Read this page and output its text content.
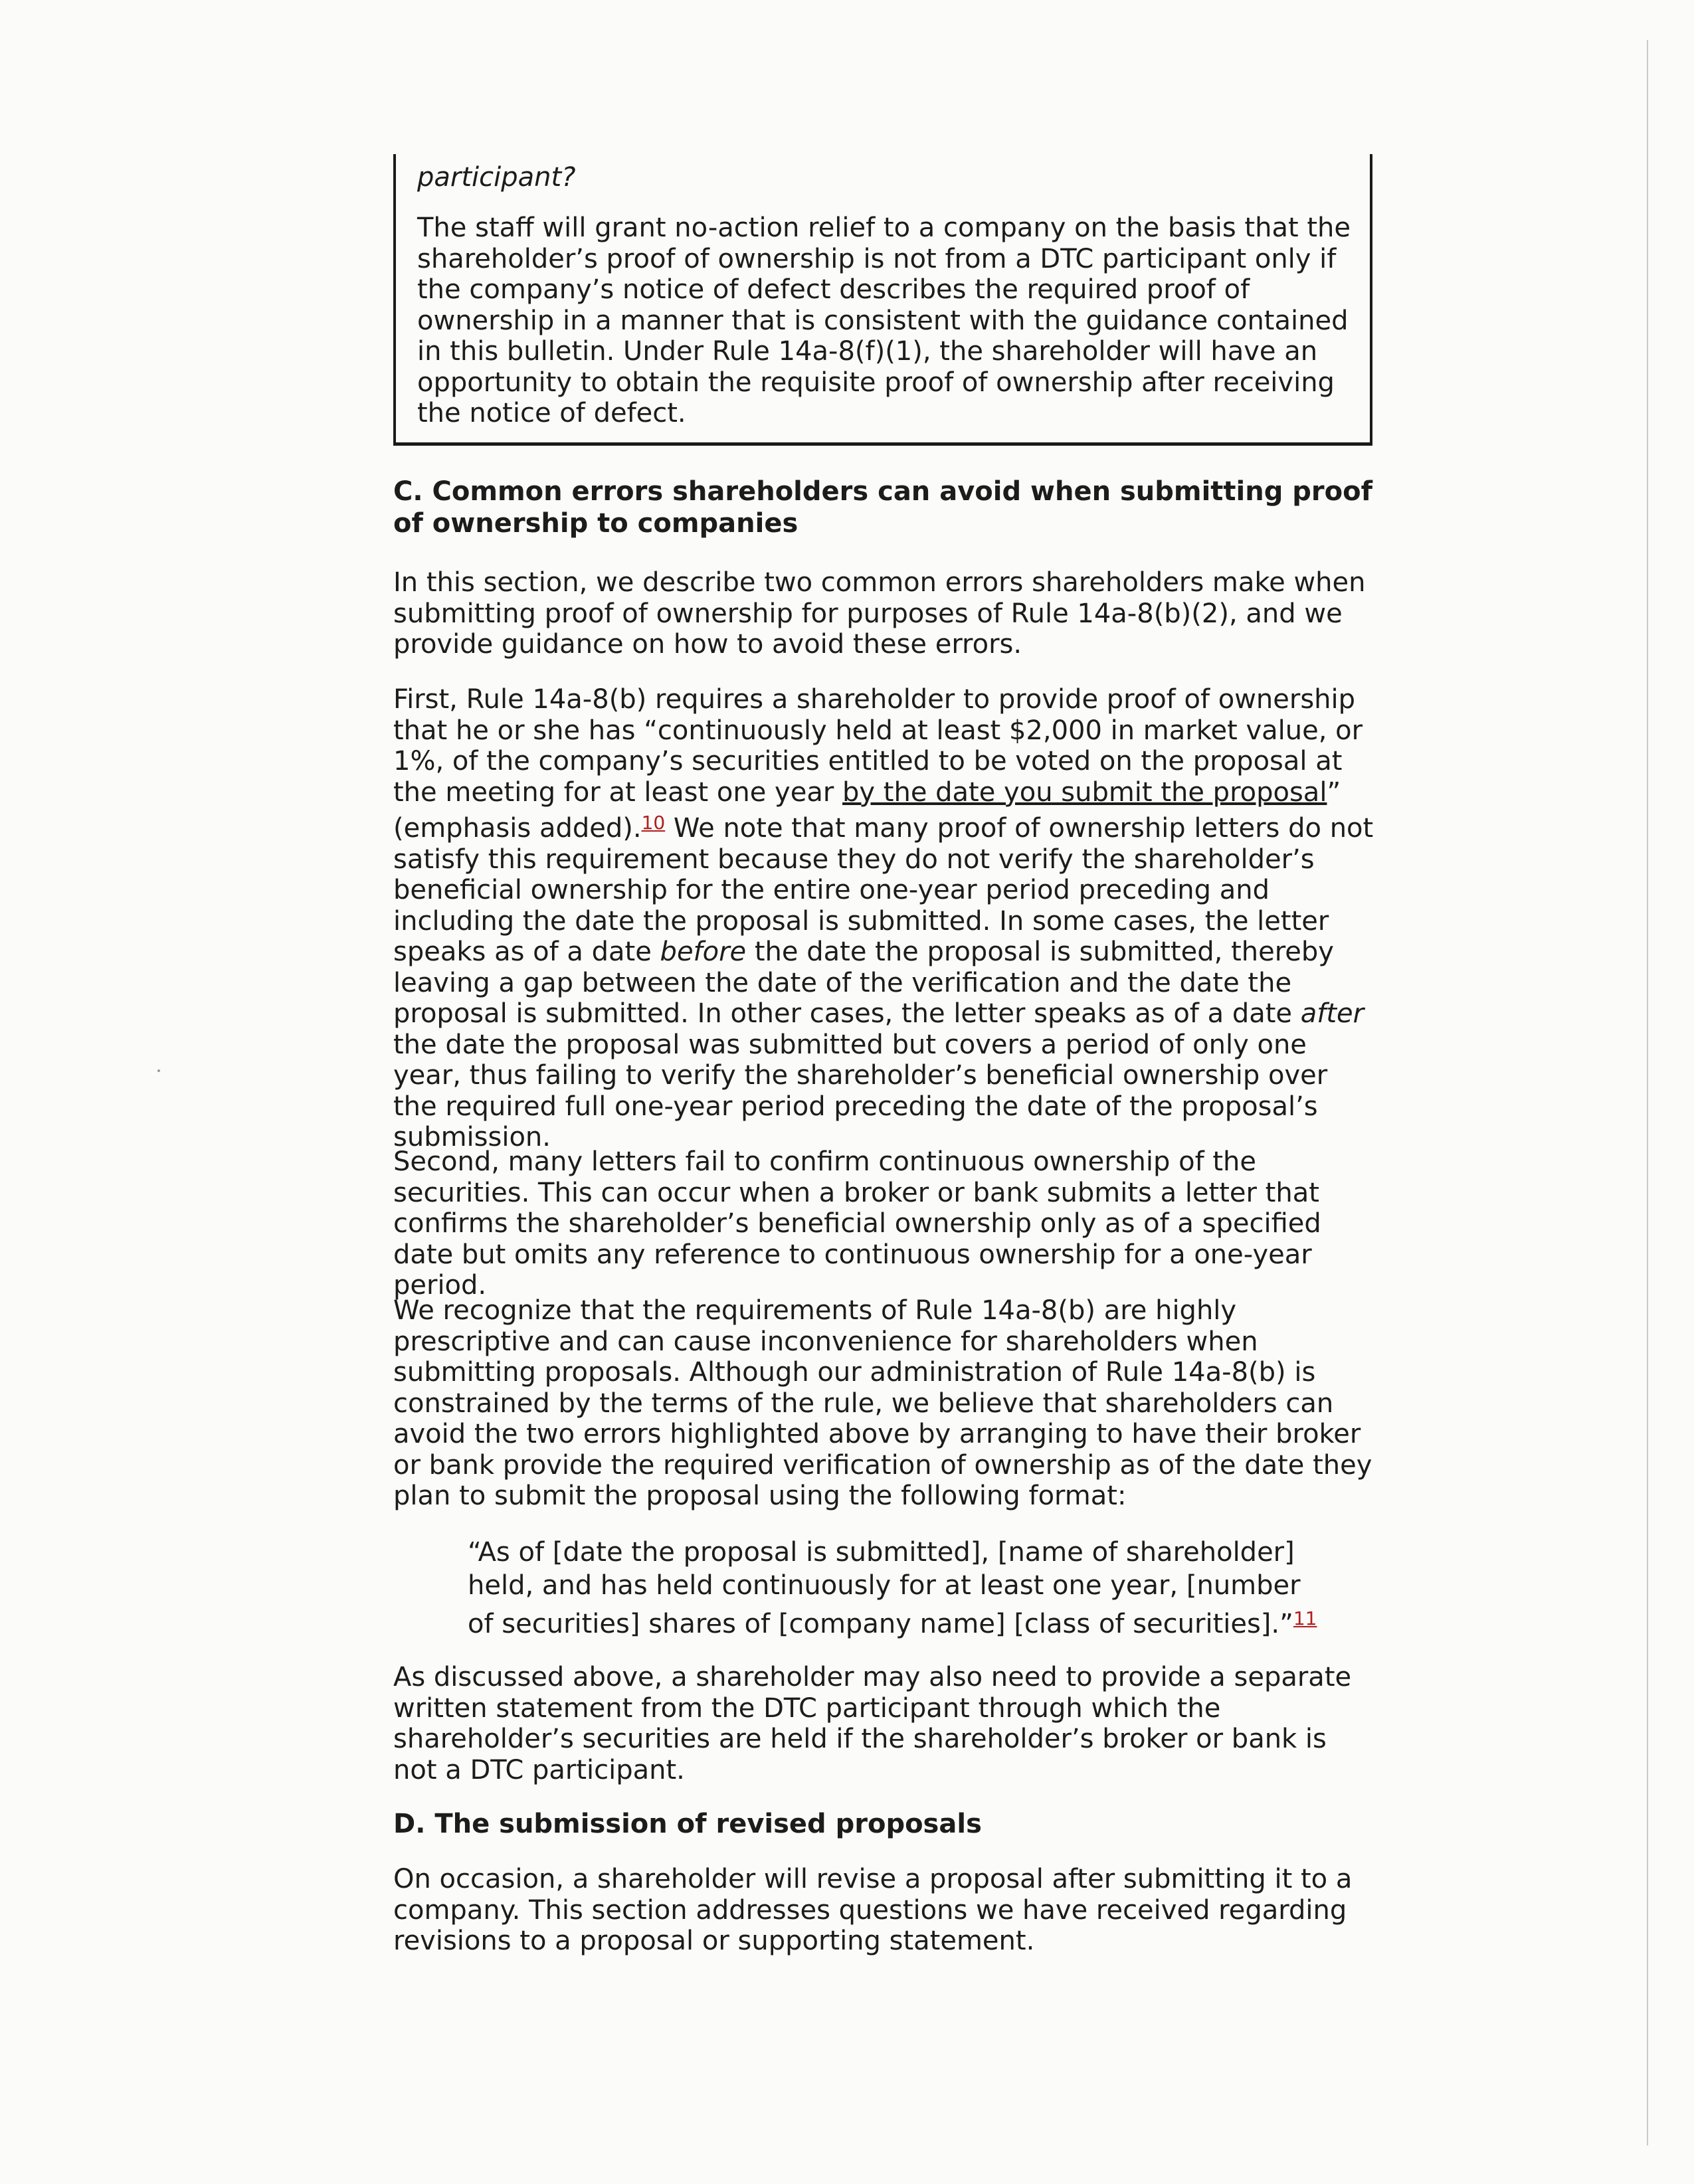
participant?

The staff will grant no-action relief to a company on the basis that the shareholder’s proof of ownership is not from a DTC participant only if the company’s notice of defect describes the required proof of ownership in a manner that is consistent with the guidance contained in this bulletin. Under Rule 14a-8(f)(1), the shareholder will have an opportunity to obtain the requisite proof of ownership after receiving the notice of defect.

C. Common errors shareholders can avoid when submitting proof of ownership to companies

In this section, we describe two common errors shareholders make when submitting proof of ownership for purposes of Rule 14a-8(b)(2), and we provide guidance on how to avoid these errors.

First, Rule 14a-8(b) requires a shareholder to provide proof of ownership that he or she has “continuously held at least $2,000 in market value, or 1%, of the company’s securities entitled to be voted on the proposal at the meeting for at least one year by the date you submit the proposal” (emphasis added).$^{10}$ We note that many proof of ownership letters do not satisfy this requirement because they do not verify the shareholder’s beneficial ownership for the entire one-year period preceding and including the date the proposal is submitted. In some cases, the letter speaks as of a date before the date the proposal is submitted, thereby leaving a gap between the date of the verification and the date the proposal is submitted. In other cases, the letter speaks as of a date after the date the proposal was submitted but covers a period of only one year, thus failing to verify the shareholder’s beneficial ownership over the required full one-year period preceding the date of the proposal’s submission.

Second, many letters fail to confirm continuous ownership of the securities. This can occur when a broker or bank submits a letter that confirms the shareholder’s beneficial ownership only as of a specified date but omits any reference to continuous ownership for a one-year period.

We recognize that the requirements of Rule 14a-8(b) are highly prescriptive and can cause inconvenience for shareholders when submitting proposals. Although our administration of Rule 14a-8(b) is constrained by the terms of the rule, we believe that shareholders can avoid the two errors highlighted above by arranging to have their broker or bank provide the required verification of ownership as of the date they plan to submit the proposal using the following format:

“As of [date the proposal is submitted], [name of shareholder] held, and has held continuously for at least one year, [number of securities] shares of [company name] [class of securities].”$^{11}$

As discussed above, a shareholder may also need to provide a separate written statement from the DTC participant through which the shareholder’s securities are held if the shareholder’s broker or bank is not a DTC participant.

D. The submission of revised proposals

On occasion, a shareholder will revise a proposal after submitting it to a company. This section addresses questions we have received regarding revisions to a proposal or supporting statement.
